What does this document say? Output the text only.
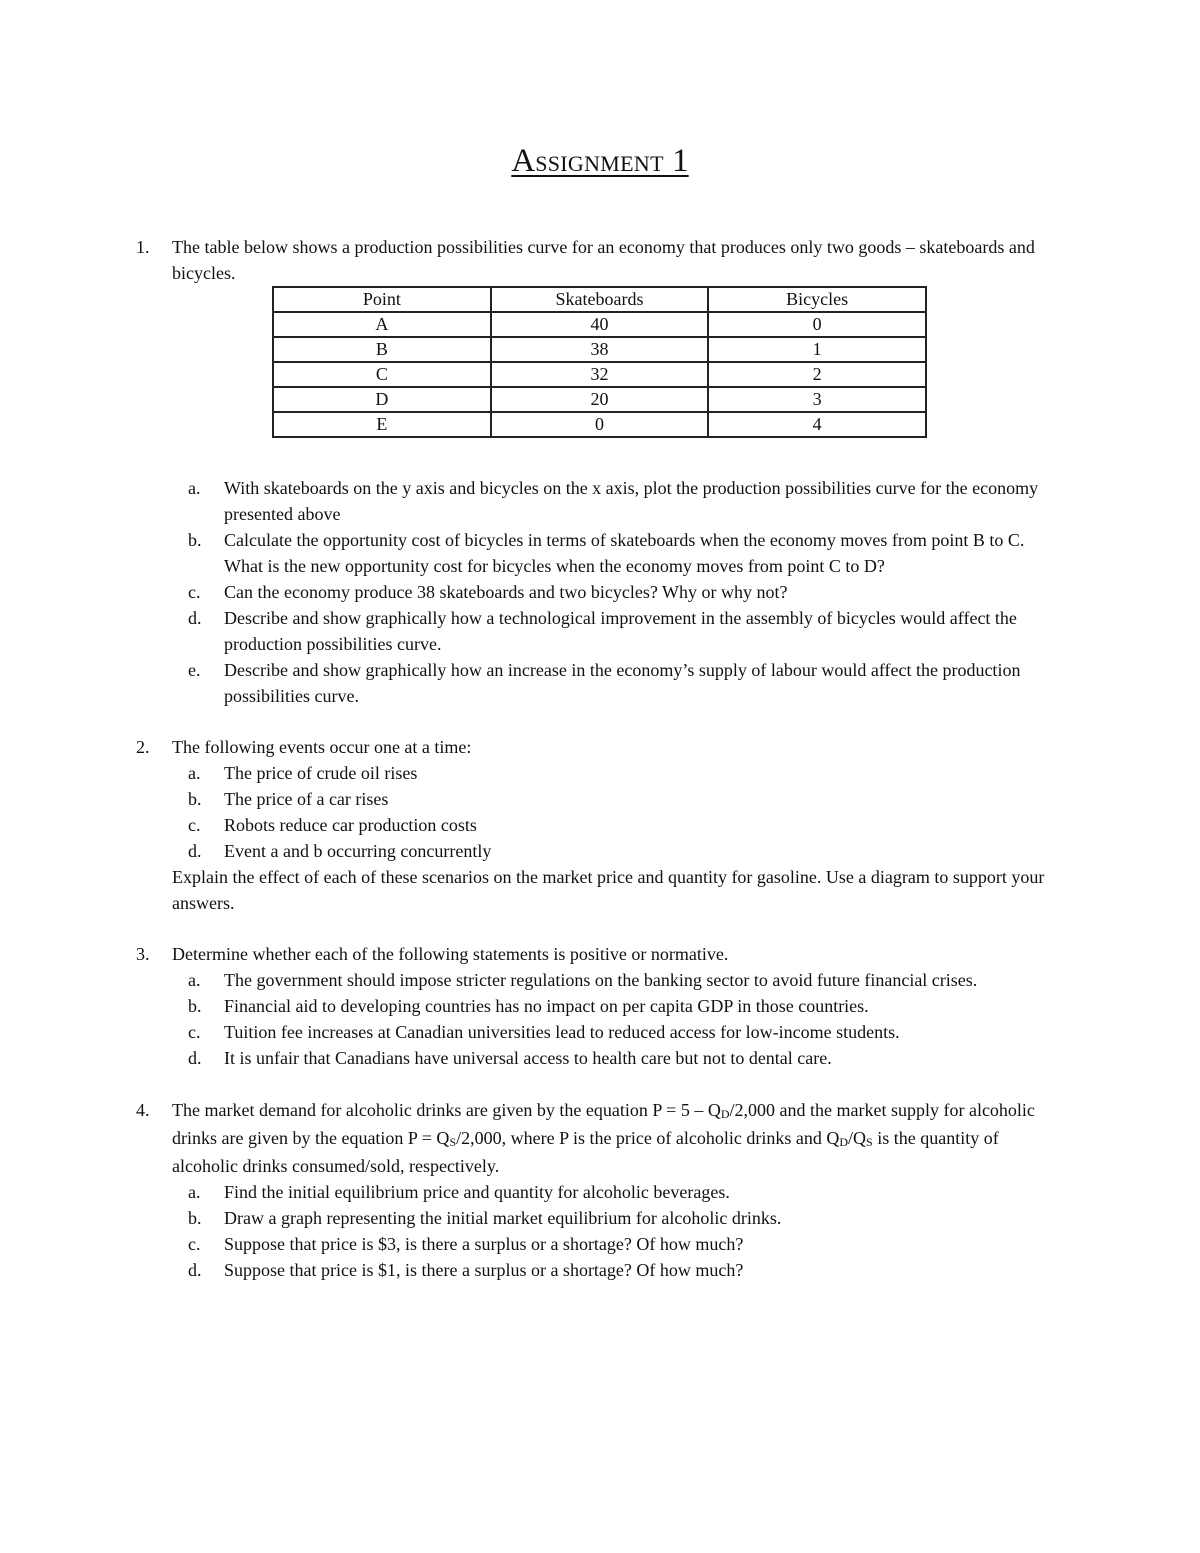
ASSIGNMENT 1

1. The table below shows a production possibilities curve for an economy that produces only two goods – skateboards and bicycles.

Point	Skateboards	Bicycles
A	40	0
B	38	1
C	32	2
D	20	3
E	0	4

a. With skateboards on the y axis and bicycles on the x axis, plot the production possibilities curve for the economy presented above

b. Calculate the opportunity cost of bicycles in terms of skateboards when the economy moves from point B to C. What is the new opportunity cost for bicycles when the economy moves from point C to D?

c. Can the economy produce 38 skateboards and two bicycles? Why or why not?

d. Describe and show graphically how a technological improvement in the assembly of bicycles would affect the production possibilities curve.

e. Describe and show graphically how an increase in the economy’s supply of labour would affect the production possibilities curve.

2. The following events occur one at a time:

a. The price of crude oil rises

b. The price of a car rises

c. Robots reduce car production costs

d. Event a and b occurring concurrently

Explain the effect of each of these scenarios on the market price and quantity for gasoline. Use a diagram to support your answers.

3. Determine whether each of the following statements is positive or normative.

a. The government should impose stricter regulations on the banking sector to avoid future financial crises.

b. Financial aid to developing countries has no impact on per capita GDP in those countries.

c. Tuition fee increases at Canadian universities lead to reduced access for low-income students.

d. It is unfair that Canadians have universal access to health care but not to dental care.

4. The market demand for alcoholic drinks are given by the equation $P = 5 - Q_D/2,000$ and the market supply for alcoholic drinks are given by the equation $P = Q_S/2,000$, where P is the price of alcoholic drinks and $Q_D/Q_S$ is the quantity of alcoholic drinks consumed/sold, respectively.

a. Find the initial equilibrium price and quantity for alcoholic beverages.

b. Draw a graph representing the initial market equilibrium for alcoholic drinks.

c. Suppose that price is $3, is there a surplus or a shortage? Of how much?

d. Suppose that price is $1, is there a surplus or a shortage? Of how much?
